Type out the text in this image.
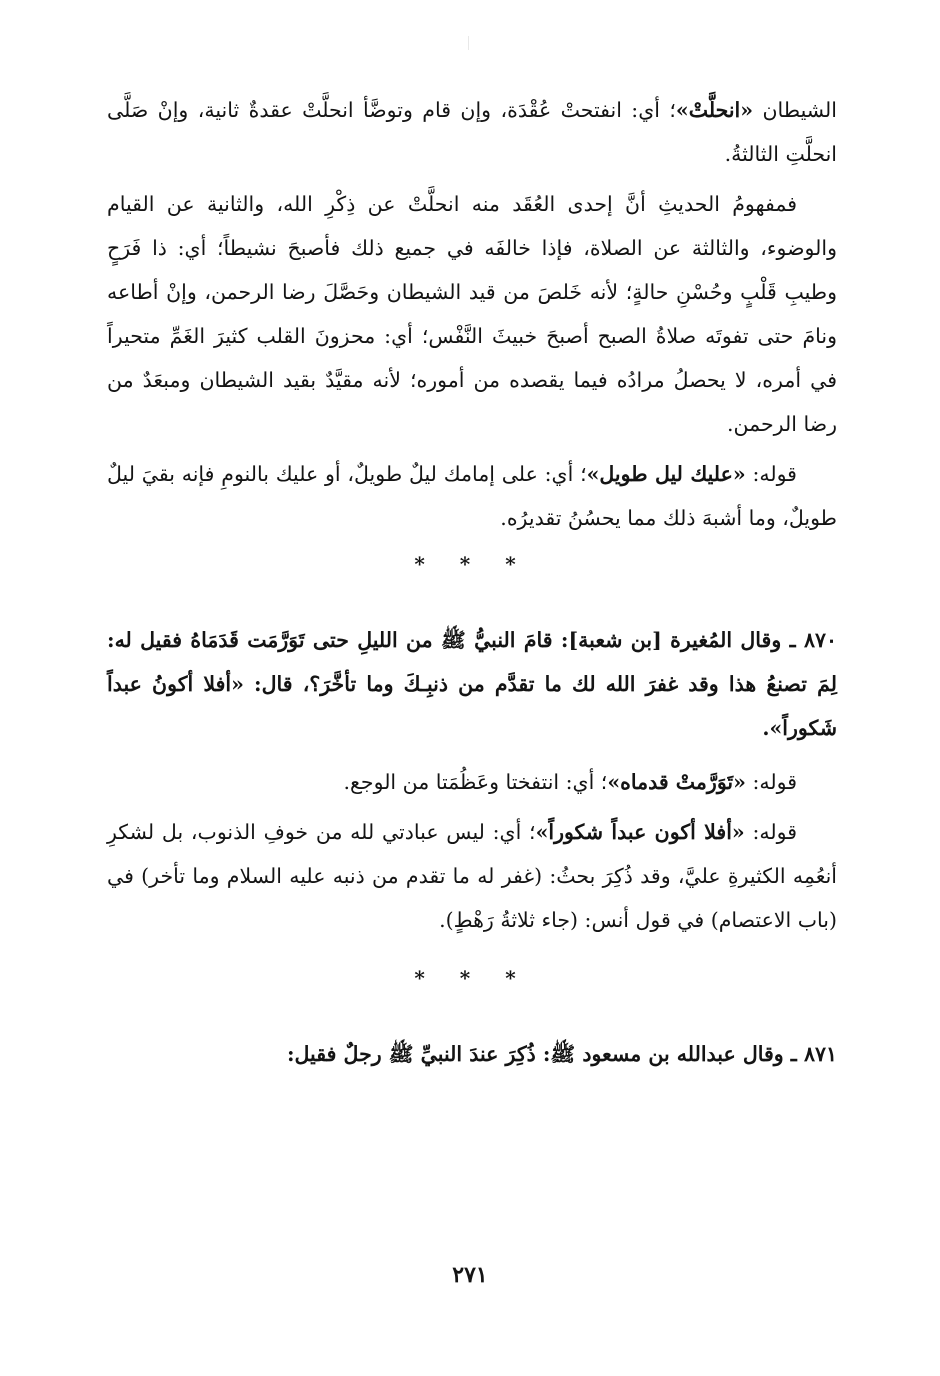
الشيطان «انحلَّتْ»؛ أي: انفتحتْ عُقْدَة، وإن قام وتوضَّأ انحلَّتْ عقدةٌ ثانية، وإنْ صَلَّى انحلَّتِ الثالثةُ.

فمفهومُ الحديثِ أنَّ إحدى العُقَد منه انحلَّتْ عن ذِكْرِ الله، والثانية عن القيام والوضوء، والثالثة عن الصلاة، فإذا خالفَه في جميع ذلك فأصبحَ نشيطاً؛ أي: ذا فَرَحٍ وطيبِ قَلْبٍ وحُسْنِ حالةٍ؛ لأنه خَلصَ من قيد الشيطان وحَصَّلَ رضا الرحمن، وإنْ أطاعه ونامَ حتى تفوتَه صلاةُ الصبح أصبحَ خبيثَ النَّفْس؛ أي: محزونَ القلب كثيرَ الغَمِّ متحيراً في أمره، لا يحصلُ مرادُه فيما يقصده من أموره؛ لأنه مقيَّدٌ بقيد الشيطان ومبعَدٌ من رضا الرحمن.

قوله: «عليك ليل طويل»؛ أي: على إمامك ليلٌ طويلٌ، أو عليك بالنومِ فإنه بقيَ ليلٌ طويلٌ، وما أشبهَ ذلك مما يحسُنُ تقديرُه.

* * *

٨٧٠ ـ وقال المُغيرة [بن شعبة]: قامَ النبيُّ ﷺ من الليلِ حتى تَوَرَّمَت قَدَمَاهُ فقيل له: لِمَ تصنعُ هذا وقد غفرَ الله لك ما تقدَّم من ذنبِـكَ وما تأخَّرَ؟، قال: «أفلا أكونُ عبداً شَكوراً».

قوله: «تَوَرَّمتْ قدماه»؛ أي: انتفختا وعَظُمَتا من الوجع.

قوله: «أفلا أكون عبداً شكوراً»؛ أي: ليس عبادتي لله من خوفِ الذنوب، بل لشكرِ أنعُمِه الكثيرةِ عليَّ، وقد ذُكِرَ بحثُ: (غفر له ما تقدم من ذنبه عليه السلام وما تأخر) في (باب الاعتصام) في قول أنس: (جاء ثلاثةُ رَهْطٍ).

* * *

٨٧١ ـ وقال عبدالله بن مسعود ﷺ: ذُكِرَ عندَ النبيِّ ﷺ رجلٌ فقيل:

٢٧١
